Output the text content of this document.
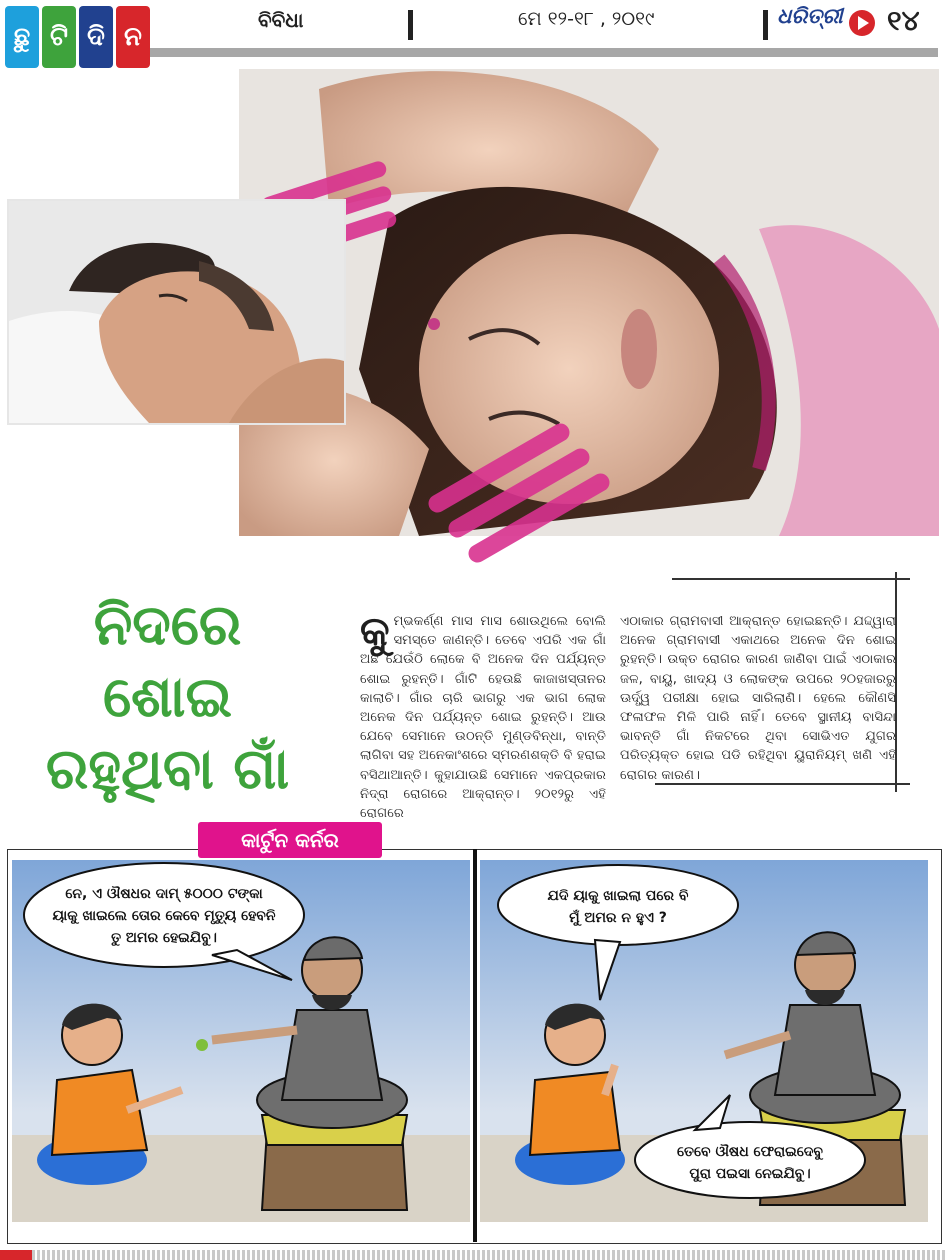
ଛୁ ଟି ଦି ନ
ବିବିଧା	ମେ ୧୨-୧୮ , ୨୦୧୯	ଧରିତ୍ରୀ ୧୪
ନିଦରେ
ଶୋଇ
ରହୁଥିବା ଗାଁ
କୁମ୍ଭକର୍ଣ୍ଣ ମାସ ମାସ ଶୋଉଥିଲେ ବୋଲି ସମସ୍ତେ ଜାଣନ୍ତି। ତେବେ ଏପରି ଏକ ଗାଁ ଅଛି ଯେଉଁଠି ଲୋକେ ବି ଅନେକ ଦିନ ପର୍ଯ୍ୟନ୍ତ ଶୋଇ ରୁହନ୍ତି। ଗାଁଟି ହେଉଛି କାଜାଖସ୍ତାନର କାଲାଚି। ଗାଁର ଚାରି ଭାଗରୁ ଏକ ଭାଗ ଲୋକ ଅନେକ ଦିନ ପର୍ଯ୍ୟନ୍ତ ଶୋଇ ରୁହନ୍ତି। ଆଉ ଯେବେ ସେମାନେ ଉଠନ୍ତି ମୁଣ୍ଡବିନ୍ଧା, ବାନ୍ତି ଲାଗିବା ସହ ଅନେକାଂଶରେ ସ୍ମରଣଶକ୍ତି ବି ହରାଇ ବସିଥାଆନ୍ତି। କୁହାଯାଉଛି ସେମାନେ ଏକପ୍ରକାର ନିଦ୍ରା ରୋଗରେ ଆକ୍ରାନ୍ତ। ୨୦୧୨ରୁ ଏହି ରୋଗରେ
ଏଠାକାର ଗ୍ରାମବାସୀ ଆକ୍ରାନ୍ତ ହୋଇଛନ୍ତି। ଯଦ୍ଦ୍ୱାରା ଅନେକ ଗ୍ରାମବାସୀ ଏକାଥରେ ଅନେକ ଦିନ ଶୋଇ ରୁହନ୍ତି। ଉକ୍ତ ରୋଗର କାରଣ ଜାଣିବା ପାଇଁ ଏଠାକାର ଜଳ, ବାୟୁ, ଖାଦ୍ୟ ଓ ଲୋକଙ୍କ ଉପରେ ୨୦ହଜାରରୁ ଊର୍ଦ୍ଧ୍ୱ ପରୀକ୍ଷା ହୋଇ ସାରିଲାଣି। ହେଲେ କୌଣସି ଫଳାଫଳ ମିଳି ପାରି ନାହିଁ। ତେବେ ସ୍ଥାନୀୟ ବାସିନ୍ଦା ଭାବନ୍ତି ଗାଁ ନିକଟରେ ଥିବା ସୋଭିଏତ ଯୁଗର ପରିତ୍ୟକ୍ତ ହୋଇ ପଡି ରହିଥିବା ୟୁରାନିୟମ୍ ଖଣି ଏହି ରୋଗର କାରଣ।
କାର୍ଟୁନ କର୍ନର
ନେ, ଏ ଔଷଧର ଦାମ୍ ୫୦୦୦ ଟଙ୍କା
ୟାକୁ ଖାଇଲେ ତୋର କେବେ ମୃତ୍ୟୁ ହେବନି
ତୁ ଅମର ହେଇଯିବୁ।
ଯଦି ୟାକୁ ଖାଇଲା ପରେ ବି
ମୁଁ ଅମର ନ ହୁଏ ?
ତେବେ ଔଷଧ ଫେରାଇଦେବୁ
ପୁରା ପଇସା ନେଇଯିବୁ।
